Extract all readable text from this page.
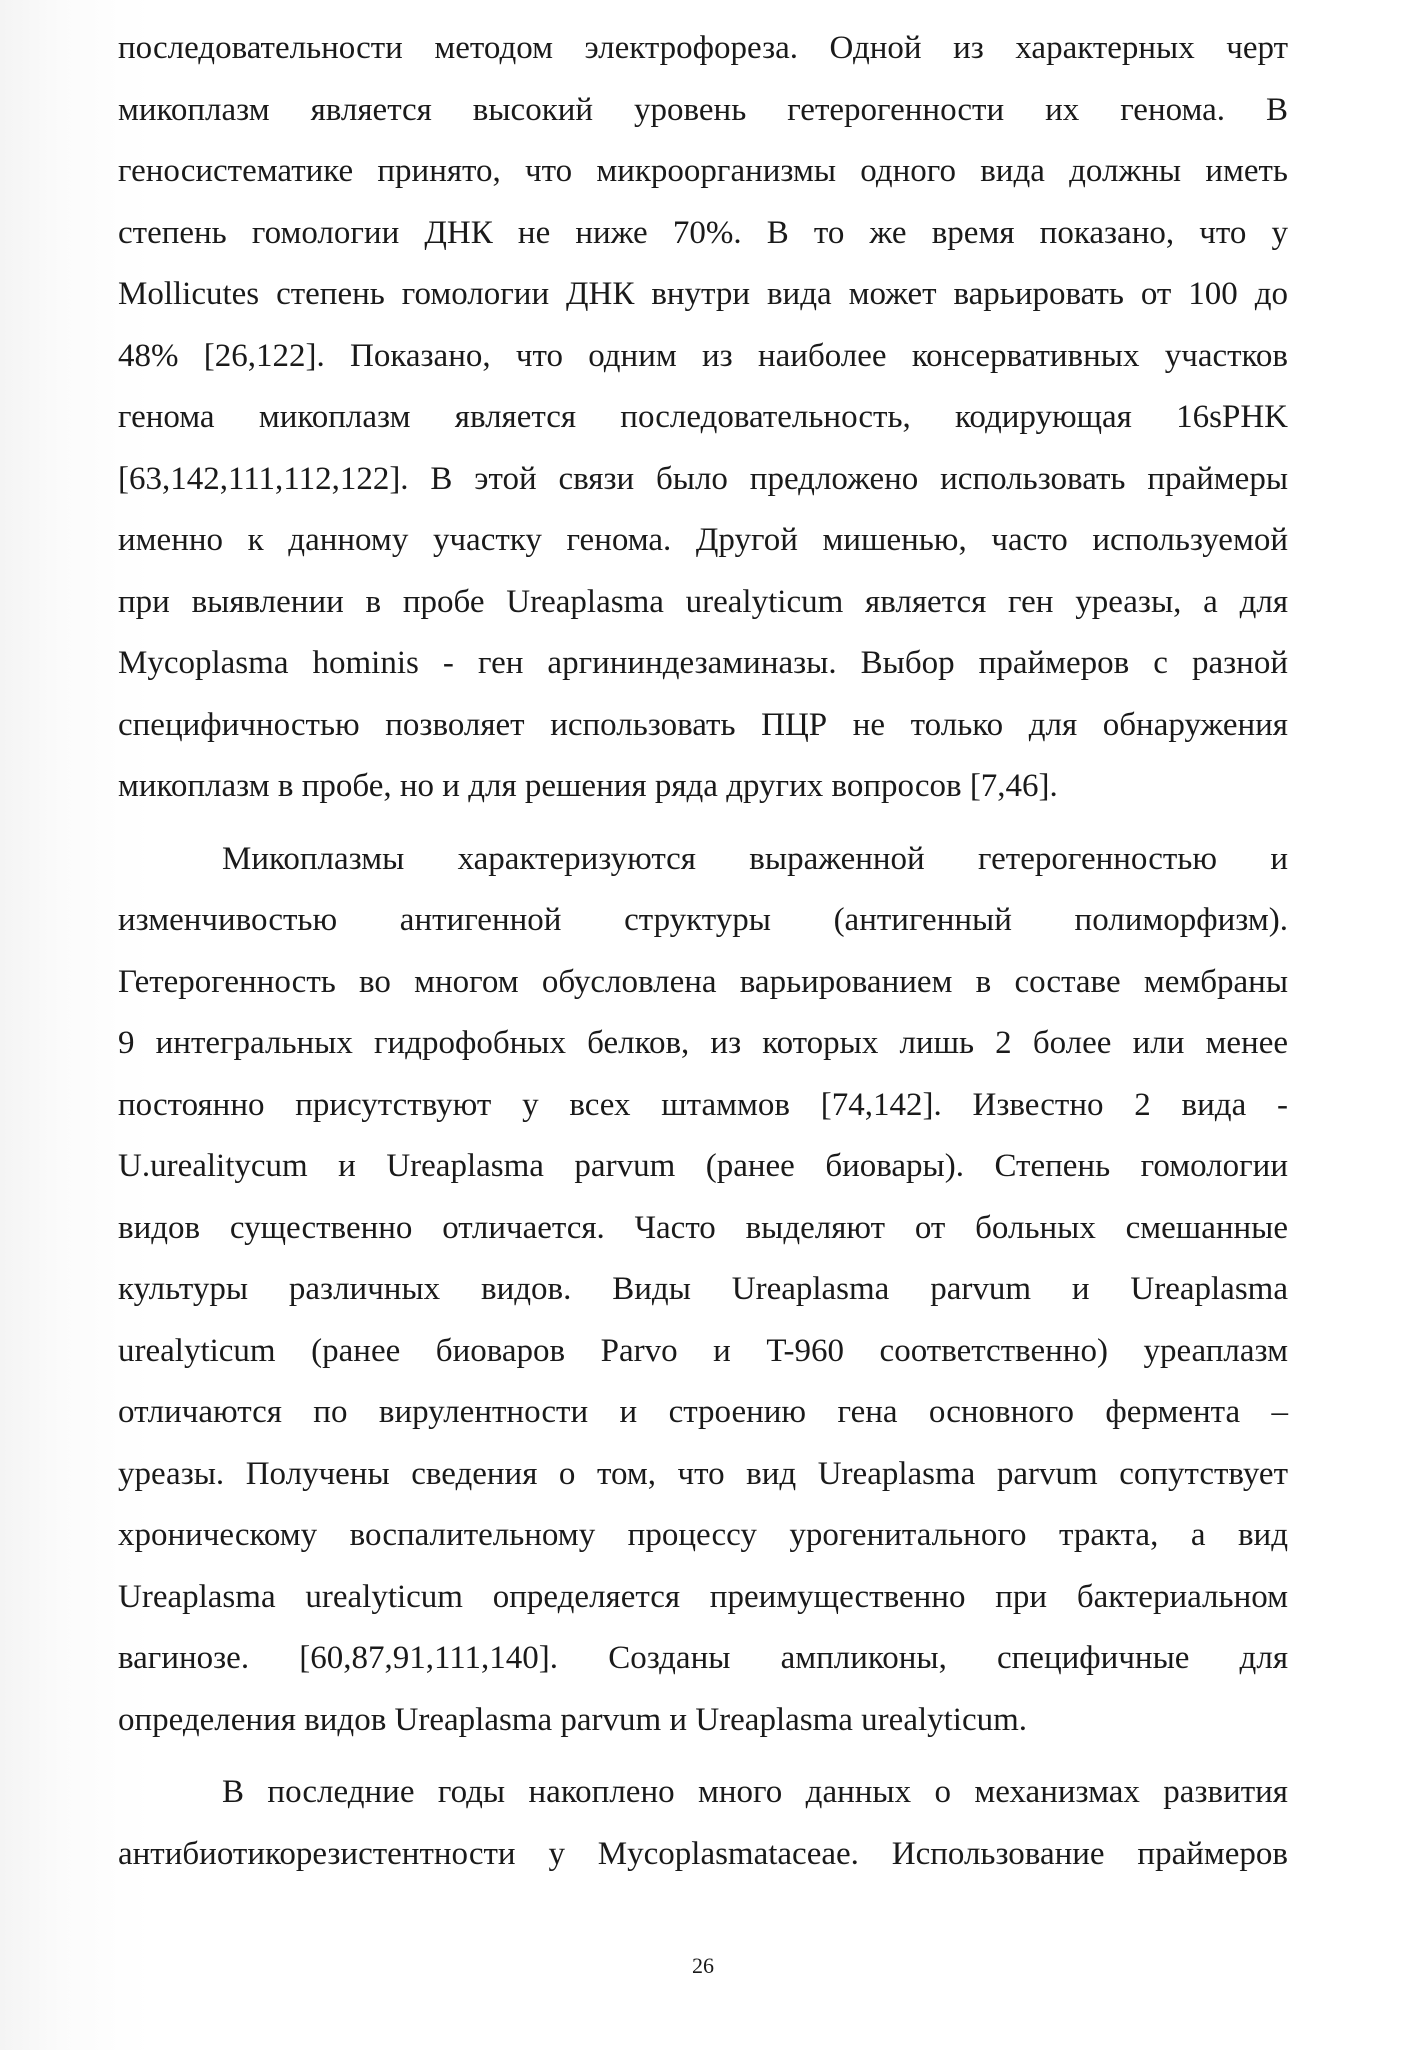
последовательности методом электрофореза. Одной из характерных черт
микоплазм является высокий уровень гетерогенности их генома. В
геносистематике принято, что микроорганизмы одного вида должны иметь
степень гомологии ДНК не ниже 70%. В то же время показано, что у
Mollicutes степень гомологии ДНК внутри вида может варьировать от 100 до
48% [26,122]. Показано, что одним из наиболее консервативных участков
генома микоплазм является последовательность, кодирующая 16sPHK
[63,142,111,112,122]. В этой связи было предложено использовать праймеры
именно к данному участку генома. Другой мишенью, часто используемой
при выявлении в пробе Ureaplasma urealyticum является ген уреазы, а для
Mycoplasma hominis - ген аргининдезаминазы. Выбор праймеров с разной
специфичностью позволяет использовать ПЦР не только для обнаружения
микоплазм в пробе, но и для решения ряда других вопросов [7,46].
Микоплазмы характеризуются выраженной гетерогенностью и
изменчивостью антигенной структуры (антигенный полиморфизм).
Гетерогенность во многом обусловлена варьированием в составе мембраны
9 интегральных гидрофобных белков, из которых лишь 2 более или менее
постоянно присутствуют у всех штаммов [74,142]. Известно 2 вида -
U.urealitycum и Ureaplasma parvum (ранее биовары). Степень гомологии
видов существенно отличается. Часто выделяют от больных смешанные
культуры различных видов. Виды Ureaplasma parvum и Ureaplasma
urealyticum (ранее биоваров Parvo и T-960 соответственно) уреаплазм
отличаются по вирулентности и строению гена основного фермента –
уреазы. Получены сведения о том, что вид Ureaplasma parvum сопутствует
хроническому воспалительному процессу урогенитального тракта, а вид
Ureaplasma urealyticum определяется преимущественно при бактериальном
вагинозе. [60,87,91,111,140]. Созданы ампликоны, специфичные для
определения видов Ureaplasma parvum и Ureaplasma urealyticum.
В последние годы накоплено много данных о механизмах развития
антибиотикорезистентности у Mycoplasmataceae. Использование праймеров
26
